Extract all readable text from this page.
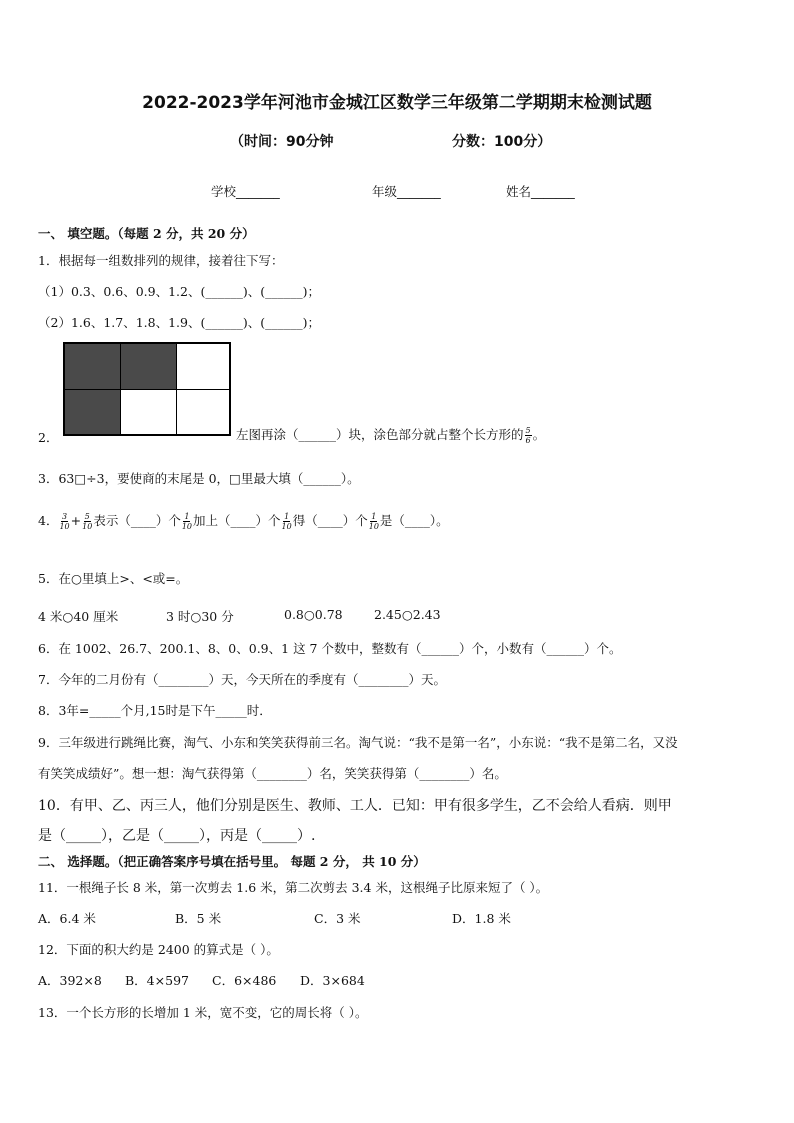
2022-2023学年河池市金城江区数学三年级第二学期期末检测试题
（时间：90分钟	分数：100分）
学校_______	年级_______	姓名_______
一、 填空题。（每题 2 分，共 20 分）
1．根据每一组数排列的规律，接着往下写：
（1）0.3、0.6、0.9、1.2、(______)、(______)；
（2）1.6、1.7、1.8、1.9、(______)、(______)；
2．	左图再涂（______）块，涂色部分就占整个长方形的 $\frac{5}{6}$ 。
3．63□÷3，要使商的末尾是 0，□里最大填（______）。
4． $\frac{3}{10} + \frac{5}{10}$ 表示（____）个 $\frac{1}{10}$ 加上（____）个 $\frac{1}{10}$ 得（____）个 $\frac{1}{10}$ 是（____）。
5．在○里填上>、<或=。
4 米○40 厘米	3 时○30 分	0.8○0.78	2.45○2.43
6．在 1002、26.7、200.1、8、0、0.9、1 这 7 个数中，整数有（______）个，小数有（______）个。
7．今年的二月份有（________）天，今天所在的季度有（________）天。
8．3年=_____个月,15时是下午_____时．
9．三年级进行跳绳比赛，淘气、小东和笑笑获得前三名。淘气说：“我不是第一名”，小东说：“我不是第二名，又没
有笑笑成绩好”。想一想：淘气获得第（________）名，笑笑获得第（________）名。
10．有甲、乙、丙三人，他们分别是医生、教师、工人．已知：甲有很多学生，乙不会给人看病．则甲
是（_____），乙是（_____），丙是（_____）.
二、 选择题。（把正确答案序号填在括号里。 每题 2 分， 共 10 分）
11．一根绳子长 8 米，第一次剪去 1.6 米，第二次剪去 3.4 米，这根绳子比原来短了（ ）。
A．6.4 米	B．5 米	C．3 米	D．1.8 米
12．下面的积大约是 2400 的算式是（ ）。
A．392×8 B．4×597 C．6×486 D．3×684
13．一个长方形的长增加 1 米，宽不变，它的周长将（ ）。
